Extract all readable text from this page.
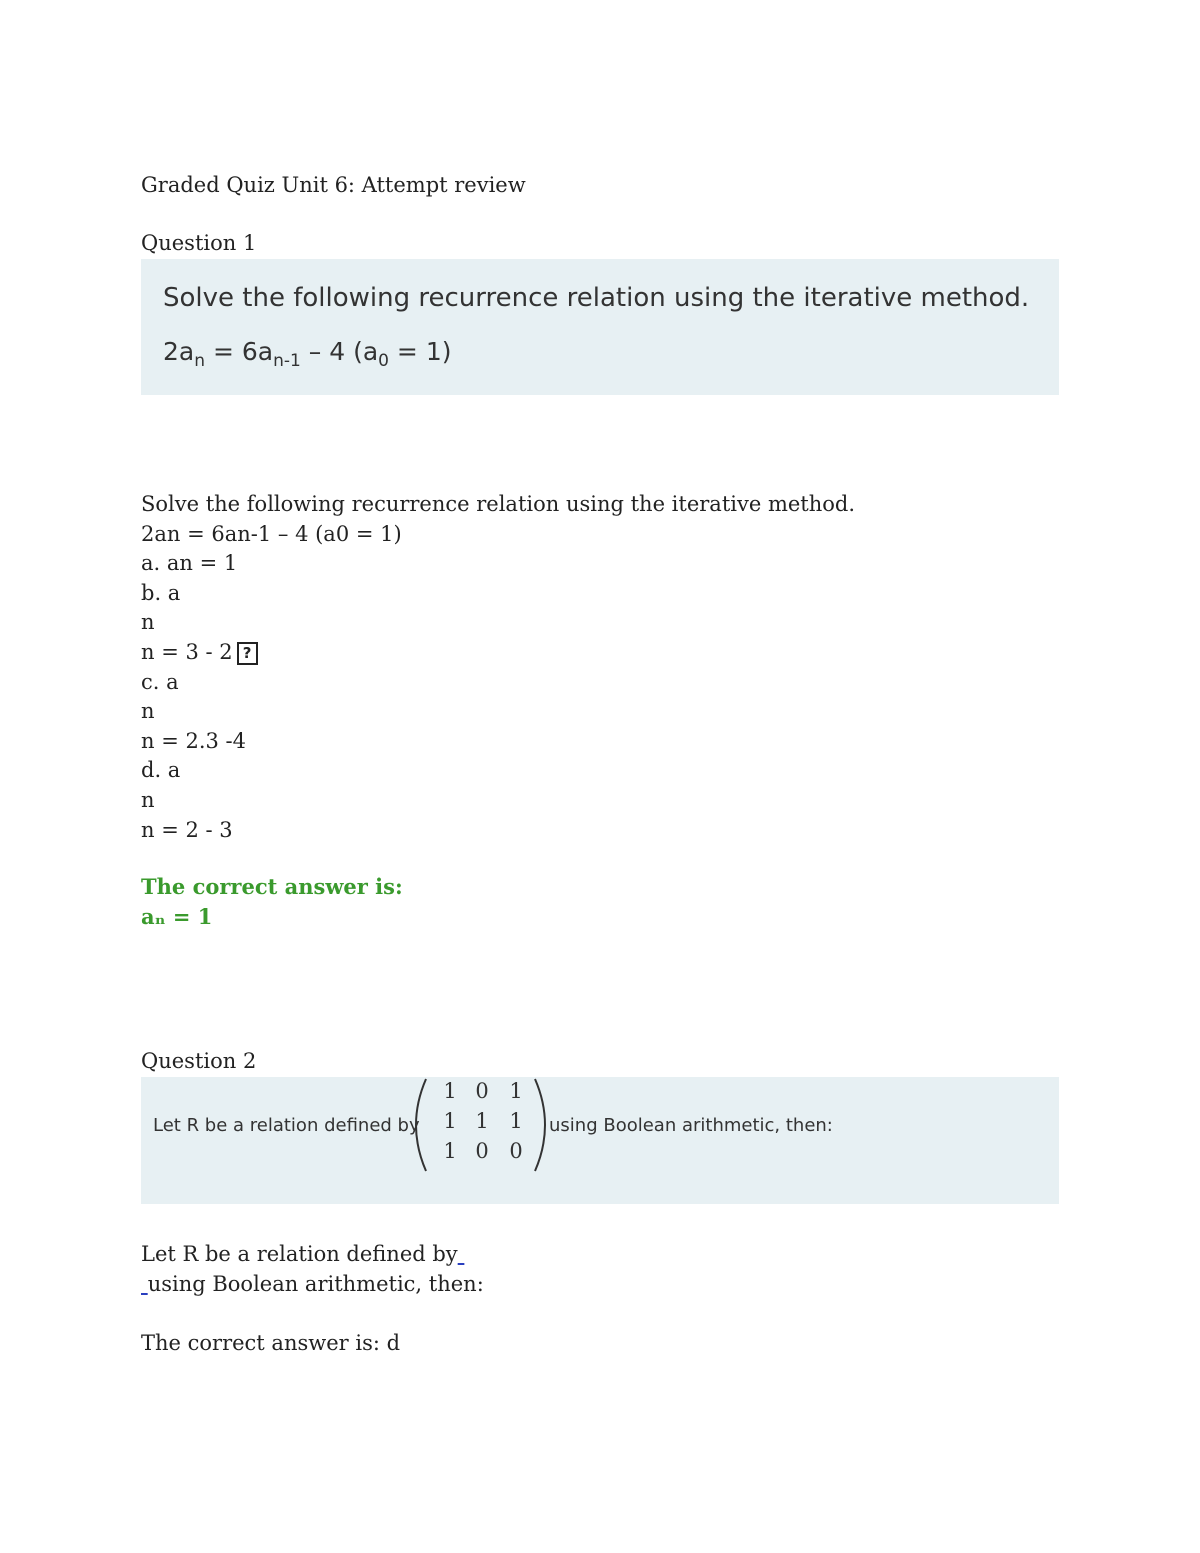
Graded Quiz Unit 6: Attempt review
Question 1
Solve the following recurrence relation using the iterative method.
$2a_n = 6a_{n-1} - 4$ $(a_0 = 1)$
Solve the following recurrence relation using the iterative method.
2an = 6an-1 – 4 (a0 = 1)
a. an = 1
b. a
n
n = 3 - 2 ?
c. a
n
n = 2.3 -4
d. a
n
n = 2 - 3
The correct answer is:
aₙ = 1
Question 2
Let R be a relation defined by
1 0 1
1 1 1
1 0 0
using Boolean arithmetic, then:
Let R be a relation defined by
using Boolean arithmetic, then:
The correct answer is: d
